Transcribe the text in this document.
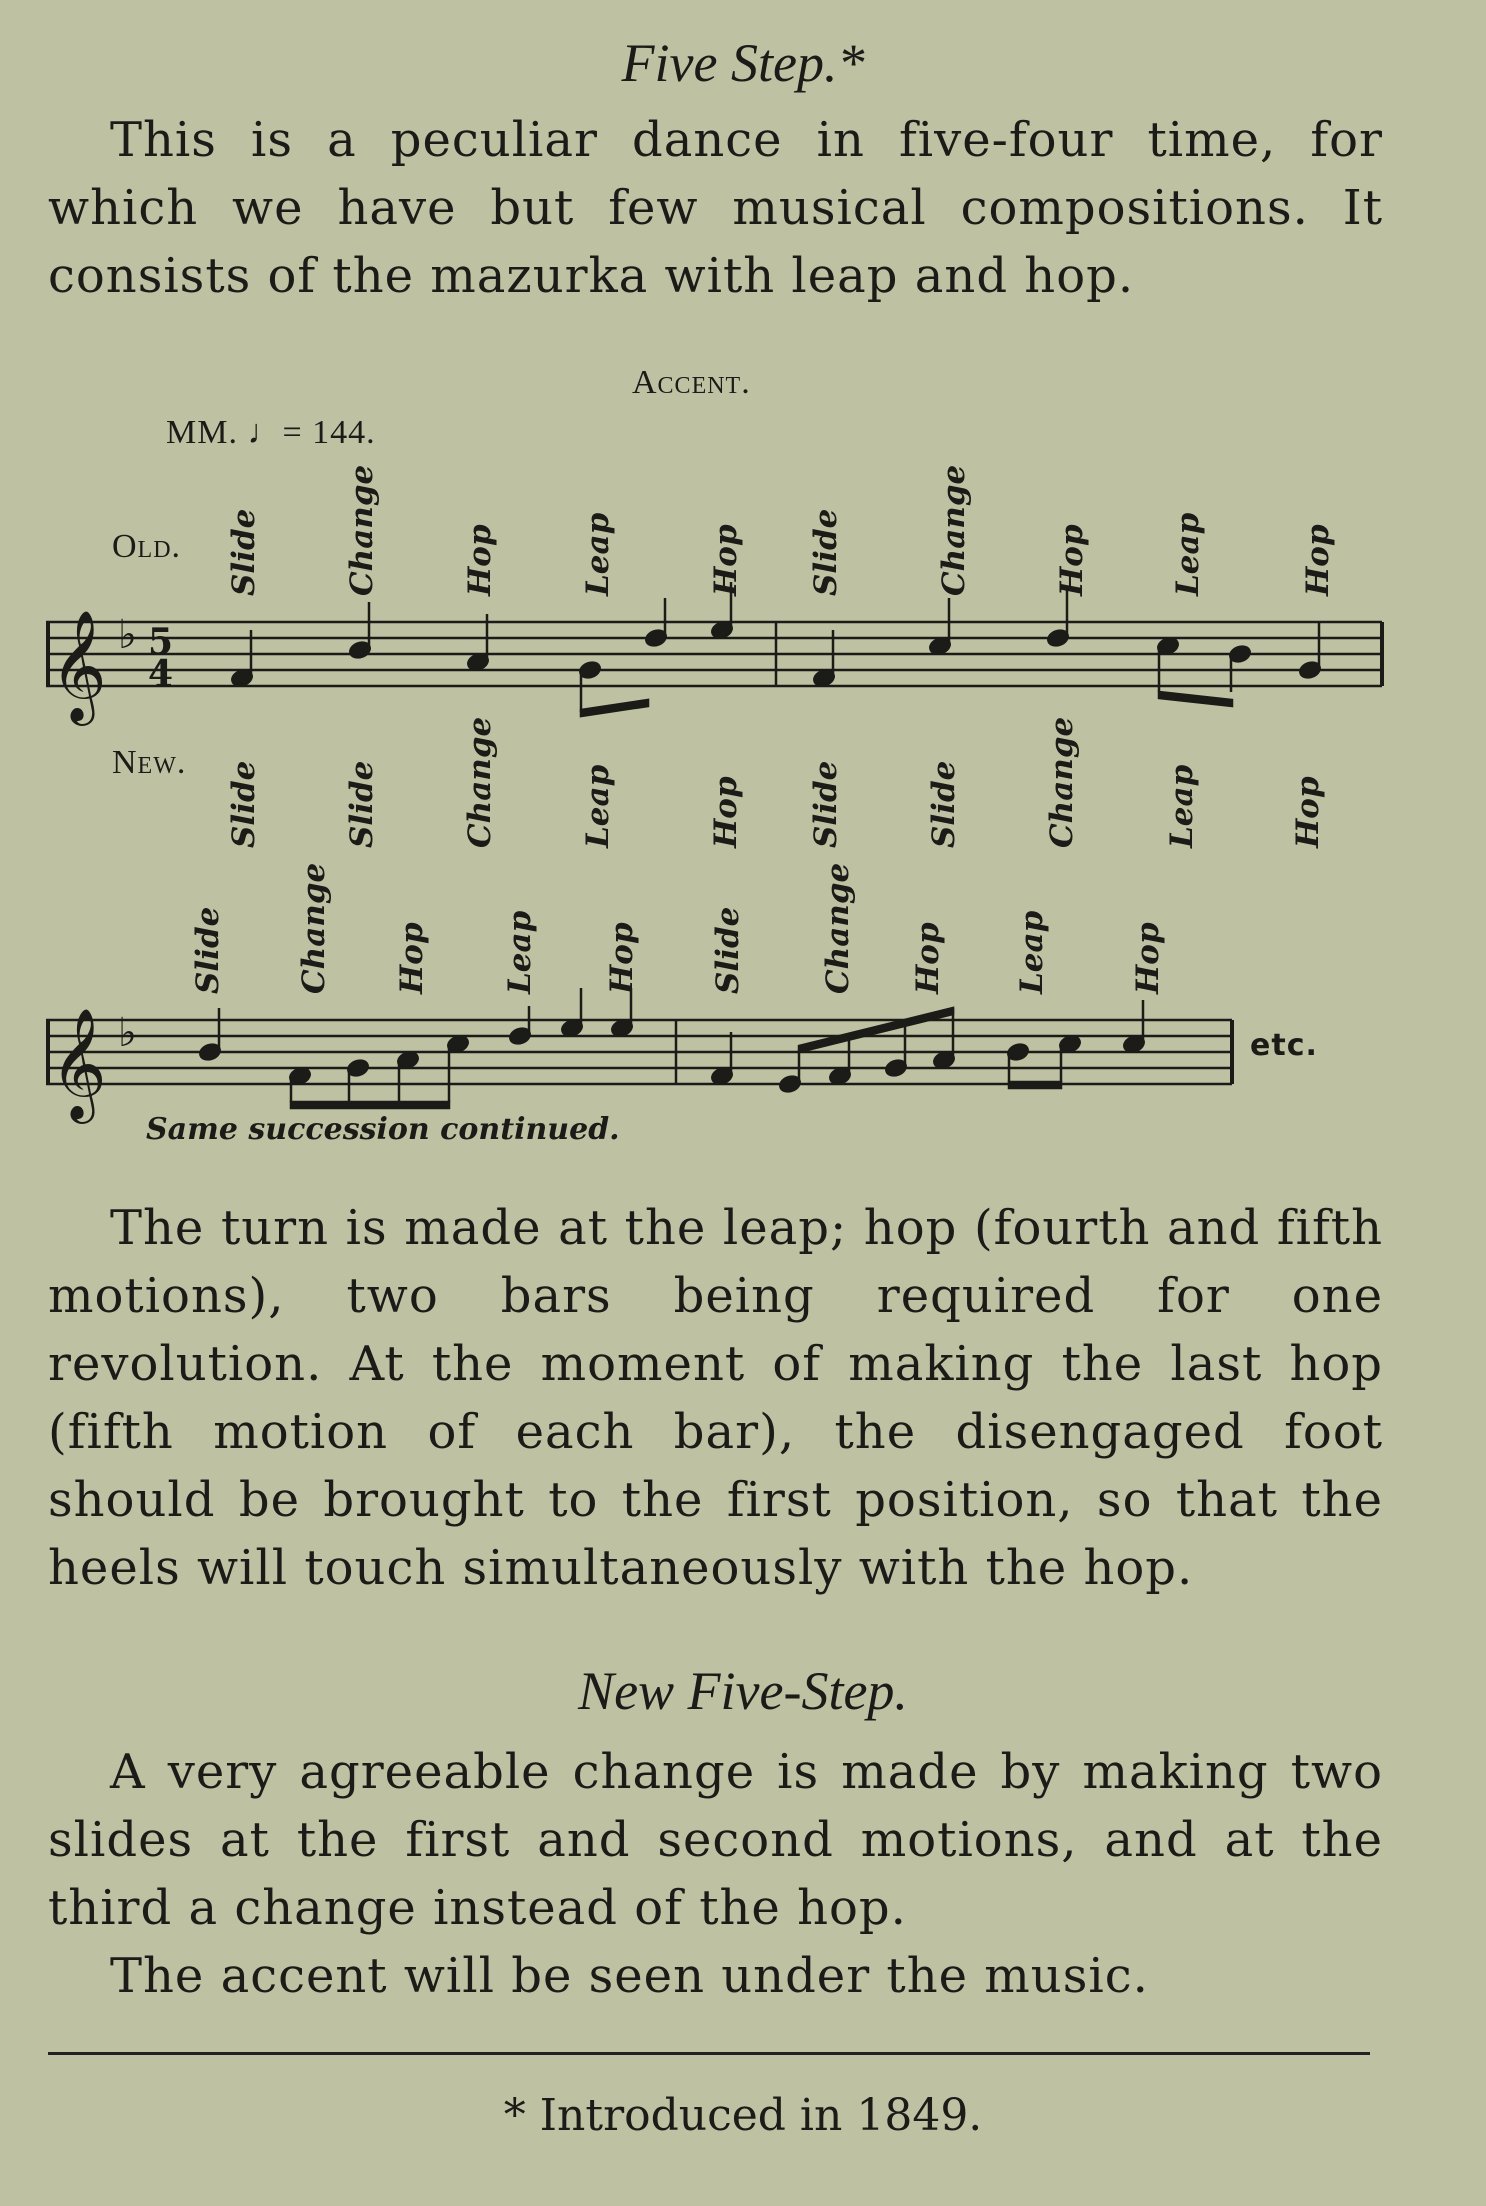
Five Step.*
This is a peculiar dance in five-four time, for which we have but few musical compositions. It consists of the mazurka with leap and hop.
Accent.
MM. ♩= 144.
Old.
New.
Slide	Change	Hop	Leap	Hop Slide	Change	Hop	Leap	Hop
Slide	Slide	Change	Leap	Hop Slide	Slide	Change	Leap	Hop
Slide Change Hop Leap Hop Slide Change Hop Leap	Hop
𝄞 ♭ 5
4
𝄞 ♭	etc.
Same succession continued.
The turn is made at the leap; hop (fourth and fifth motions), two bars being required for one revolution. At the moment of making the last hop (fifth motion of each bar), the disengaged foot should be brought to the first position, so that the heels will touch simultaneously with the hop.
New Five-Step.
A very agreeable change is made by making two slides at the first and second motions, and at the third a change instead of the hop.
The accent will be seen under the music.
* Introduced in 1849.
